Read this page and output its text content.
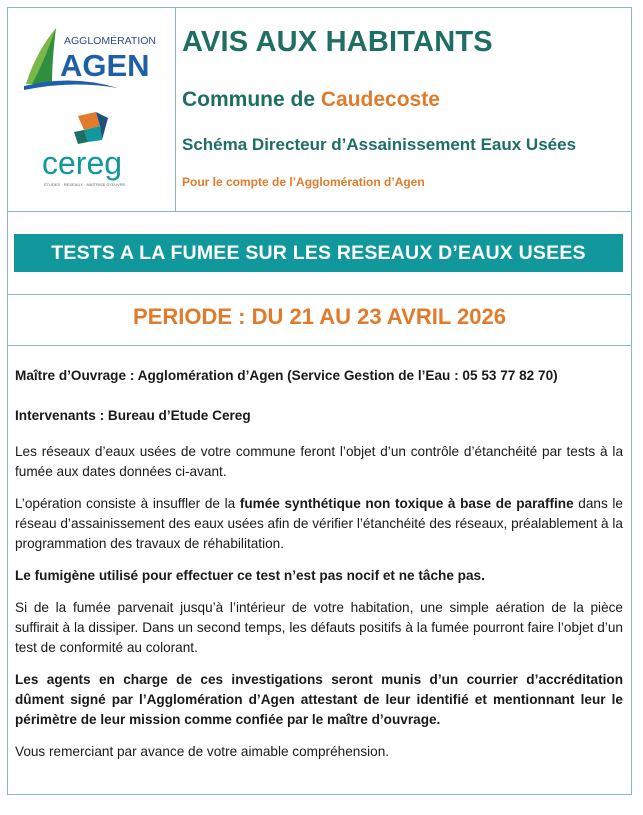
AGGLOMÉRATION
AGEN
cereg
ÉTUDES · RESEAUX · MAÎTRISE D'ŒUVRE
AVIS AUX HABITANTS
Commune de Caudecoste
Schéma Directeur d’Assainissement Eaux Usées
Pour le compte de l’Agglomération d’Agen
TESTS A LA FUMEE SUR LES RESEAUX D’EAUX USEES
PERIODE : DU 21 AU 23 AVRIL 2026

Maître d’Ouvrage : Agglomération d’Agen (Service Gestion de l’Eau : 05 53 77 82 70)

Intervenants : Bureau d’Etude Cereg

Les réseaux d’eaux usées de votre commune feront l’objet d’un contrôle d’étanchéité par tests à la fumée aux dates données ci-avant.

L’opération consiste à insuffler de la fumée synthétique non toxique à base de paraffine dans le réseau d’assainissement des eaux usées afin de vérifier l’étanchéité des réseaux, préalablement à la programmation des travaux de réhabilitation.

Le fumigène utilisé pour effectuer ce test n’est pas nocif et ne tâche pas.

Si de la fumée parvenait jusqu’à l’intérieur de votre habitation, une simple aération de la pièce suffirait à la dissiper. Dans un second temps, les défauts positifs à la fumée pourront faire l’objet d’un test de conformité au colorant.

Les agents en charge de ces investigations seront munis d’un courrier d’accréditation dûment signé par l’Agglomération d’Agen attestant de leur identifié et mentionnant leur le périmètre de leur mission comme confiée par le maître d’ouvrage.

Vous remerciant par avance de votre aimable compréhension.
